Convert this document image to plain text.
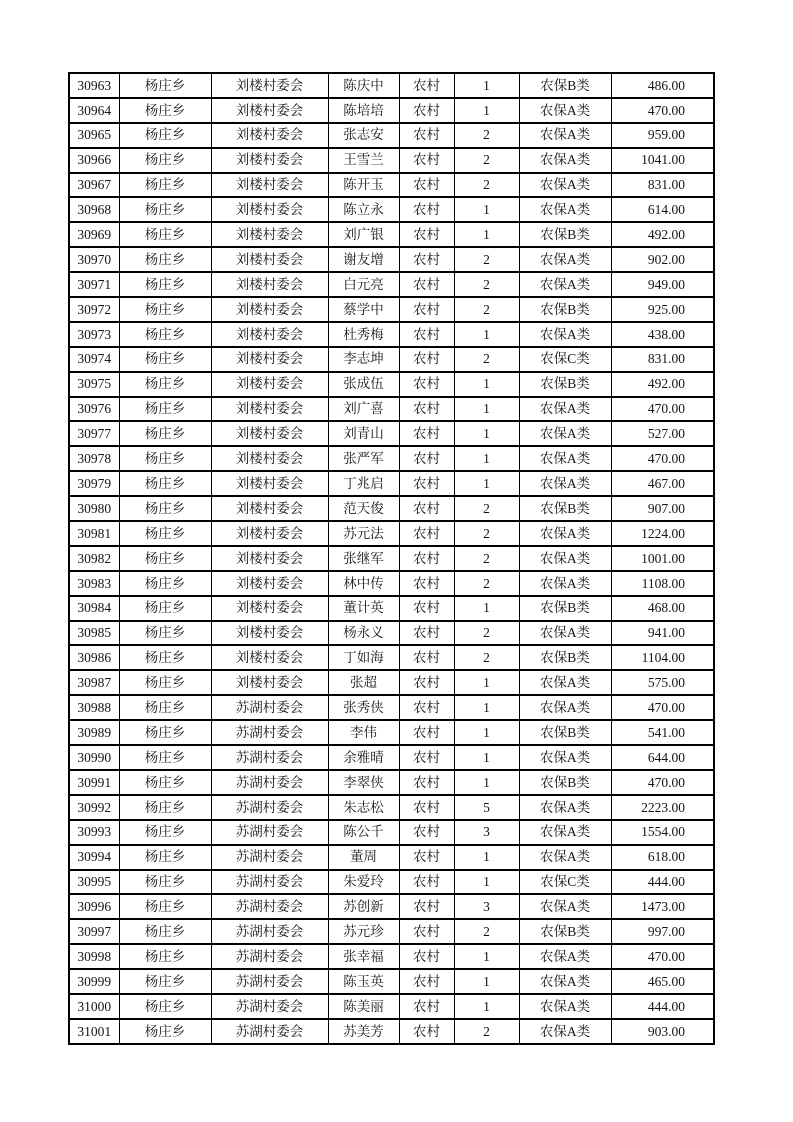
30963	杨庄乡	刘楼村委会	陈庆中	农村	1	农保B类	486.00
30964	杨庄乡	刘楼村委会	陈培培	农村	1	农保A类	470.00
30965	杨庄乡	刘楼村委会	张志安	农村	2	农保A类	959.00
30966	杨庄乡	刘楼村委会	王雪兰	农村	2	农保A类	1041.00
30967	杨庄乡	刘楼村委会	陈开玉	农村	2	农保A类	831.00
30968	杨庄乡	刘楼村委会	陈立永	农村	1	农保A类	614.00
30969	杨庄乡	刘楼村委会	刘广银	农村	1	农保B类	492.00
30970	杨庄乡	刘楼村委会	谢友增	农村	2	农保A类	902.00
30971	杨庄乡	刘楼村委会	白元亮	农村	2	农保A类	949.00
30972	杨庄乡	刘楼村委会	蔡学中	农村	2	农保B类	925.00
30973	杨庄乡	刘楼村委会	杜秀梅	农村	1	农保A类	438.00
30974	杨庄乡	刘楼村委会	李志坤	农村	2	农保C类	831.00
30975	杨庄乡	刘楼村委会	张成伍	农村	1	农保B类	492.00
30976	杨庄乡	刘楼村委会	刘广喜	农村	1	农保A类	470.00
30977	杨庄乡	刘楼村委会	刘青山	农村	1	农保A类	527.00
30978	杨庄乡	刘楼村委会	张严军	农村	1	农保A类	470.00
30979	杨庄乡	刘楼村委会	丁兆启	农村	1	农保A类	467.00
30980	杨庄乡	刘楼村委会	范天俊	农村	2	农保B类	907.00
30981	杨庄乡	刘楼村委会	苏元法	农村	2	农保A类	1224.00
30982	杨庄乡	刘楼村委会	张继军	农村	2	农保A类	1001.00
30983	杨庄乡	刘楼村委会	林中传	农村	2	农保A类	1108.00
30984	杨庄乡	刘楼村委会	董计英	农村	1	农保B类	468.00
30985	杨庄乡	刘楼村委会	杨永义	农村	2	农保A类	941.00
30986	杨庄乡	刘楼村委会	丁如海	农村	2	农保B类	1104.00
30987	杨庄乡	刘楼村委会	张超	农村	1	农保A类	575.00
30988	杨庄乡	苏湖村委会	张秀侠	农村	1	农保A类	470.00
30989	杨庄乡	苏湖村委会	李伟	农村	1	农保B类	541.00
30990	杨庄乡	苏湖村委会	余雅晴	农村	1	农保A类	644.00
30991	杨庄乡	苏湖村委会	李翠侠	农村	1	农保B类	470.00
30992	杨庄乡	苏湖村委会	朱志松	农村	5	农保A类	2223.00
30993	杨庄乡	苏湖村委会	陈公千	农村	3	农保A类	1554.00
30994	杨庄乡	苏湖村委会	董周	农村	1	农保A类	618.00
30995	杨庄乡	苏湖村委会	朱爱玲	农村	1	农保C类	444.00
30996	杨庄乡	苏湖村委会	苏创新	农村	3	农保A类	1473.00
30997	杨庄乡	苏湖村委会	苏元珍	农村	2	农保B类	997.00
30998	杨庄乡	苏湖村委会	张幸福	农村	1	农保A类	470.00
30999	杨庄乡	苏湖村委会	陈玉英	农村	1	农保A类	465.00
31000	杨庄乡	苏湖村委会	陈美丽	农村	1	农保A类	444.00
31001	杨庄乡	苏湖村委会	苏美芳	农村	2	农保A类	903.00
